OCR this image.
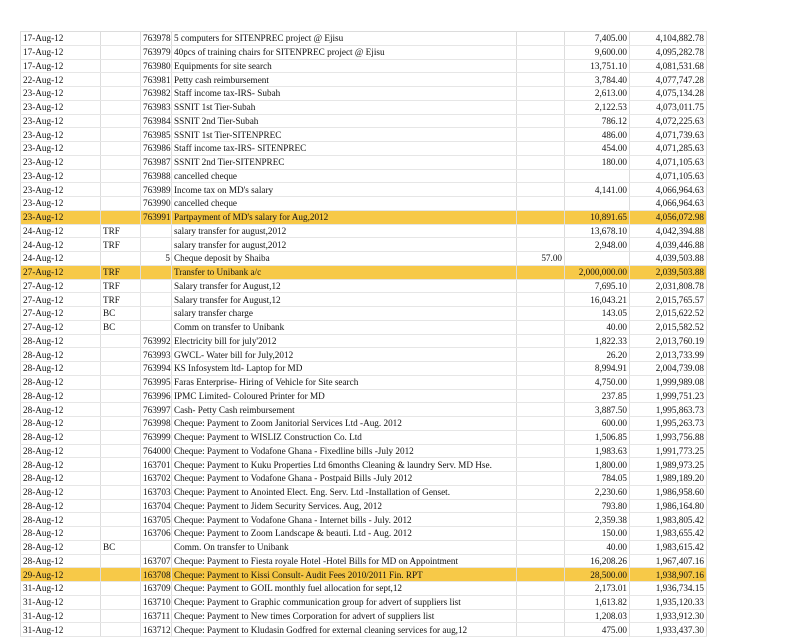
17-Aug-12		763978	5 computers for SITENPREC project @ Ejisu		7,405.00	4,104,882.78
17-Aug-12		763979	40pcs of training chairs for SITENPREC project @ Ejisu		9,600.00	4,095,282.78
17-Aug-12		763980	Equipments for site search		13,751.10	4,081,531.68
22-Aug-12		763981	Petty cash reimbursement		3,784.40	4,077,747.28
23-Aug-12		763982	Staff income tax-IRS- Subah		2,613.00	4,075,134.28
23-Aug-12		763983	SSNIT 1st Tier-Subah		2,122.53	4,073,011.75
23-Aug-12		763984	SSNIT 2nd Tier-Subah		786.12	4,072,225.63
23-Aug-12		763985	SSNIT 1st Tier-SITENPREC		486.00	4,071,739.63
23-Aug-12		763986	Staff income tax-IRS- SITENPREC		454.00	4,071,285.63
23-Aug-12		763987	SSNIT 2nd Tier-SITENPREC		180.00	4,071,105.63
23-Aug-12		763988	cancelled cheque			4,071,105.63
23-Aug-12		763989	Income tax on MD's salary		4,141.00	4,066,964.63
23-Aug-12		763990	cancelled cheque			4,066,964.63
23-Aug-12		763991	Partpayment of MD's salary for Aug,2012		10,891.65	4,056,072.98
24-Aug-12	TRF		salary transfer for august,2012		13,678.10	4,042,394.88
24-Aug-12	TRF		salary transfer for august,2012		2,948.00	4,039,446.88
24-Aug-12		5	Cheque deposit by Shaiba	57.00		4,039,503.88
27-Aug-12	TRF		Transfer to Unibank a/c		2,000,000.00	2,039,503.88
27-Aug-12	TRF		Salary transfer for August,12		7,695.10	2,031,808.78
27-Aug-12	TRF		Salary transfer for August,12		16,043.21	2,015,765.57
27-Aug-12	BC		salary transfer charge		143.05	2,015,622.52
27-Aug-12	BC		Comm on transfer to Unibank		40.00	2,015,582.52
28-Aug-12		763992	Electricity bill for july'2012		1,822.33	2,013,760.19
28-Aug-12		763993	GWCL- Water bill for July,2012		26.20	2,013,733.99
28-Aug-12		763994	KS Infosystem ltd- Laptop for MD		8,994.91	2,004,739.08
28-Aug-12		763995	Faras Enterprise- Hiring of Vehicle for Site search		4,750.00	1,999,989.08
28-Aug-12		763996	IPMC Limited- Coloured Printer for MD		237.85	1,999,751.23
28-Aug-12		763997	Cash- Petty Cash reimbursement		3,887.50	1,995,863.73
28-Aug-12		763998	Cheque: Payment to Zoom Janitorial Services Ltd -Aug. 2012		600.00	1,995,263.73
28-Aug-12		763999	Cheque: Payment to WISLIZ Construction Co. Ltd		1,506.85	1,993,756.88
28-Aug-12		764000	Cheque: Payment to Vodafone Ghana - Fixedline bills -July 2012		1,983.63	1,991,773.25
28-Aug-12		163701	Cheque: Payment to Kuku Properties Ltd 6months Cleaning & laundry Serv. MD Hse.		1,800.00	1,989,973.25
28-Aug-12		163702	Cheque: Payment to Vodafone Ghana - Postpaid Bills -July 2012		784.05	1,989,189.20
28-Aug-12		163703	Cheque: Payment to Anointed Elect. Eng. Serv. Ltd -Installation of Genset.		2,230.60	1,986,958.60
28-Aug-12		163704	Cheque: Payment to Jidem Security Services. Aug, 2012		793.80	1,986,164.80
28-Aug-12		163705	Cheque: Payment to Vodafone Ghana - Internet bills - July. 2012		2,359.38	1,983,805.42
28-Aug-12		163706	Cheque: Payment to Zoom Landscape & beauti. Ltd - Aug. 2012		150.00	1,983,655.42
28-Aug-12	BC		Comm. On transfer to Unibank		40.00	1,983,615.42
28-Aug-12		163707	Cheque: Payment to Fiesta royale Hotel -Hotel Bills for MD on Appointment		16,208.26	1,967,407.16
29-Aug-12		163708	Cheque: Payment to Kissi Consult- Audit Fees 2010/2011 Fin. RPT		28,500.00	1,938,907.16
31-Aug-12		163709	Cheque: Payment to GOIL monthly fuel allocation for sept,12		2,173.01	1,936,734.15
31-Aug-12		163710	Cheque: Payment to Graphic communication group for advert of suppliers list		1,613.82	1,935,120.33
31-Aug-12		163711	Cheque: Payment to New times Corporation for advert of suppliers list		1,208.03	1,933,912.30
31-Aug-12		163712	Cheque: Payment to Kludasin Godfred for external cleaning services for aug,12		475.00	1,933,437.30
